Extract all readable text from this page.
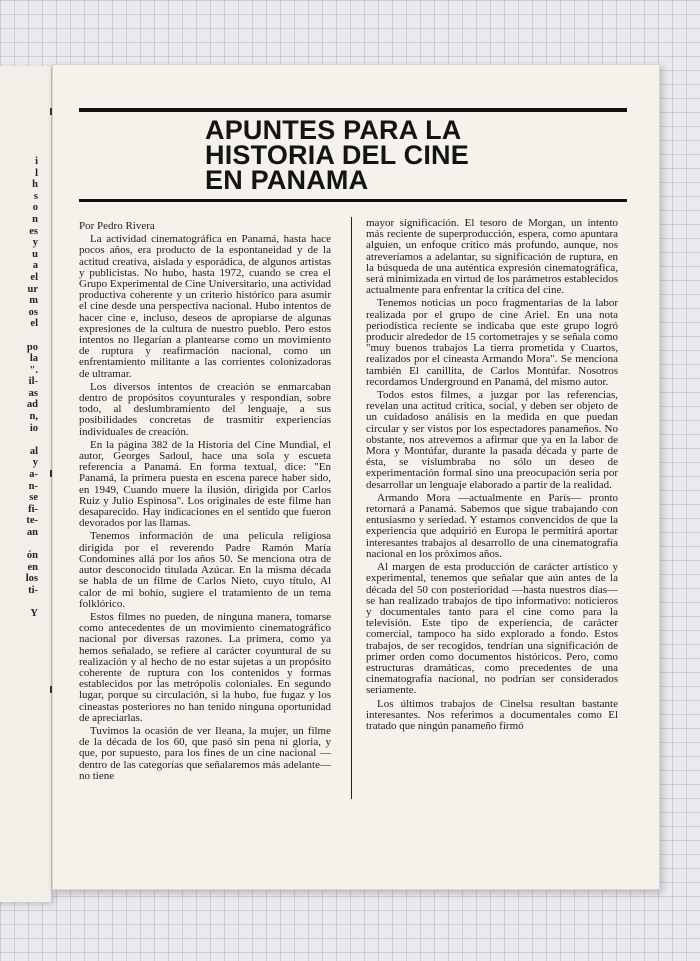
i
l
h
s
o
n
es
y
u
a
el
ur
m
os
el

po
la
".
il-
as
ad
n,
io

al
y
a-
n-
se
fi-
te-
an

ón
en
los
ti-

Y
APUNTES PARA LA
HISTORIA DEL CINE
EN PANAMA

Por Pedro Rivera

La actividad cinematográfica en Panamá, hasta hace pocos años, era producto de la espontaneidad y de la actitud creativa, aislada y esporádica, de algunos artistas y publicistas. No hubo, hasta 1972, cuando se crea el Grupo Experimental de Cine Universitario, una actividad productiva coherente y un criterio histórico para asumir el cine desde una perspectiva nacional. Hubo intentos de hacer cine e, incluso, deseos de apropiarse de algunas expresiones de la cultura de nuestro pueblo. Pero estos intentos no llegarían a plantearse como un movimiento de ruptura y reafirmación nacional, como un enfrentamiento militante a las corrientes colonizadoras de ultramar.

Los diversos intentos de creación se enmarcaban dentro de propósitos coyunturales y respondían, sobre todo, al deslumbramiento del lenguaje, a sus posibilidades concretas de trasmitir experiencias individuales de creación.

En la página 382 de la Historia del Cine Mundial, el autor, Georges Sadoul, hace una sola y escueta referencia a Panamá. En forma textual, dice: "En Panamá, la primera puesta en escena parece haber sido, en 1949, Cuando muere la ilusión, dirigida por Carlos Ruiz y Julio Espinosa". Los originales de este filme han desaparecido. Hay indicaciones en el sentido que fueron devorados por las llamas.

Tenemos información de una película religiosa dirigida por el reverendo Padre Ramón María Condomines allá por los años 50. Se menciona otra de autor desconocido titulada Azúcar. En la misma década se habla de un filme de Carlos Nieto, cuyo título, Al calor de mi bohío, sugiere el tratamiento de un tema folklórico.

Estos filmes no pueden, de ninguna manera, tomarse como antecedentes de un movimiento cinematográfico nacional por diversas razones. La primera, como ya hemos señalado, se refiere al carácter coyuntural de su realización y al hecho de no estar sujetas a un propósito coherente de ruptura con los contenidos y formas establecidos por las metrópolis coloniales. En segundo lugar, porque su circulación, si la hubo, fue fugaz y los cineastas posteriores no han tenido ninguna oportunidad de apreciarlas.

Tuvimos la ocasión de ver Ileana, la mujer, un filme de la década de los 60, que pasó sin pena ni gloria, y que, por supuesto, para los fines de un cine nacional —dentro de las categorías que señalaremos más adelante— no tiene

mayor significación. El tesoro de Morgan, un intento más reciente de superproducción, espera, como apuntara alguien, un enfoque crítico más profundo, aunque, nos atreveríamos a adelantar, su significación de ruptura, en la búsqueda de una auténtica expresión cinematográfica, será minimizada en virtud de los parámetros establecidos actualmente para enfrentar la crítica del cine.

Tenemos noticias un poco fragmentarias de la labor realizada por el grupo de cine Ariel. En una nota periodística reciente se indicaba que este grupo logró producir alrededor de 15 cortometrajes y se señala como "muy buenos trabajos La tierra prometida y Cuartos, realizados por el cineasta Armando Mora". Se menciona también El canillita, de Carlos Montúfar. Nosotros recordamos Underground en Panamá, del mismo autor.

Todos estos filmes, a juzgar por las referencias, revelan una actitud crítica, social, y deben ser objeto de un cuidadoso análisis en la medida en que puedan circular y ser vistos por los espectadores panameños. No obstante, nos atrevemos a afirmar que ya en la labor de Mora y Montúfar, durante la pasada década y parte de ésta, se vislumbraba no sólo un deseo de experimentación formal sino una preocupación seria por desarrollar un lenguaje elaborado a partir de la realidad.

Armando Mora —actualmente en París— pronto retornará a Panamá. Sabemos que sigue trabajando con entusiasmo y seriedad. Y estamos convencidos de que la experiencia que adquirió en Europa le permitirá aportar interesantes trabajos al desarrollo de una cinematografía nacional en los próximos años.

Al margen de esta producción de carácter artístico y experimental, tenemos que señalar que aún antes de la década del 50 con posterioridad —hasta nuestros días— se han realizado trabajos de tipo informativo: noticieros y documentales tanto para el cine como para la televisión. Este tipo de experiencia, de carácter comercial, tampoco ha sido explorado a fondo. Estos trabajos, de ser recogidos, tendrían una significación de primer orden como documentos históricos. Pero, como estructuras dramáticas, como precedentes de una cinematografía nacional, no podrían ser considerados seriamente.

Los últimos trabajos de Cinelsa resultan bastante interesantes. Nos referimos a documentales como El tratado que ningún panameño firmó
